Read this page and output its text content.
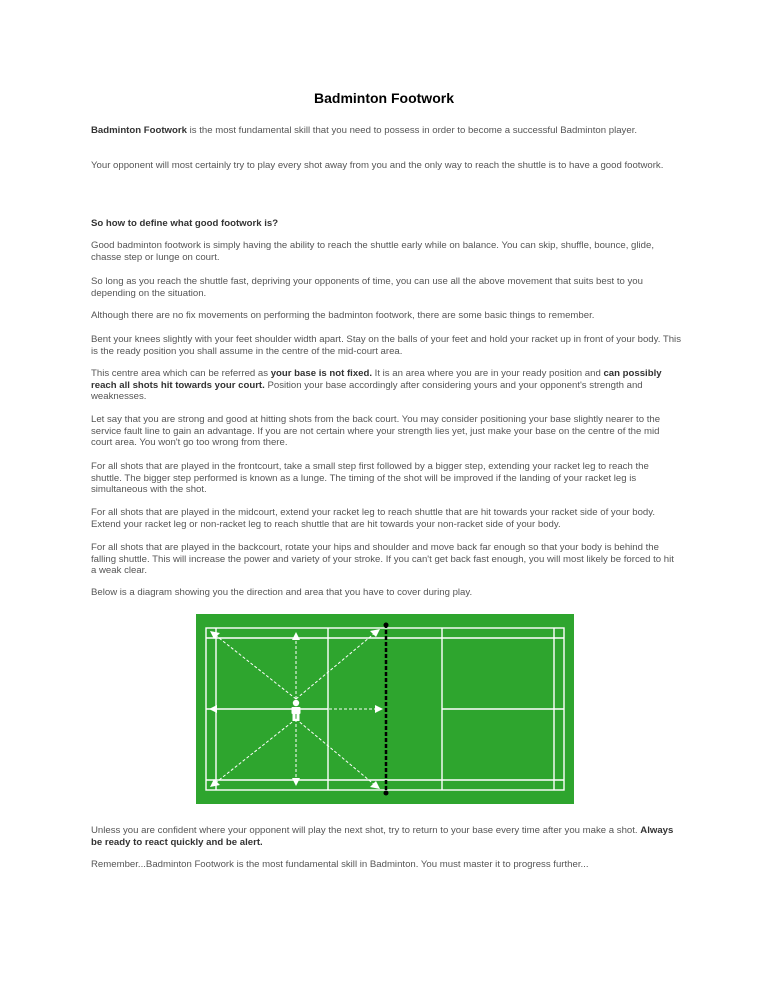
Badminton Footwork

Badminton Footwork is the most fundamental skill that you need to possess in order to become a successful Badminton player.

Your opponent will most certainly try to play every shot away from you and the only way to reach the shuttle is to have a good footwork.

So how to define what good footwork is?

Good badminton footwork is simply having the ability to reach the shuttle early while on balance. You can skip, shuffle, bounce, glide, chasse step or lunge on court.

So long as you reach the shuttle fast, depriving your opponents of time, you can use all the above movement that suits best to you depending on the situation.

Although there are no fix movements on performing the badminton footwork, there are some basic things to remember.

Bent your knees slightly with your feet shoulder width apart. Stay on the balls of your feet and hold your racket up in front of your body. This is the ready position you shall assume in the centre of the mid-court area.

This centre area which can be referred as your base is not fixed. It is an area where you are in your ready position and can possibly reach all shots hit towards your court. Position your base accordingly after considering yours and your opponent's strength and weaknesses.

Let say that you are strong and good at hitting shots from the back court. You may consider positioning your base slightly nearer to the service fault line to gain an advantage. If you are not certain where your strength lies yet, just make your base on the centre of the mid court area. You won't go too wrong from there.

For all shots that are played in the frontcourt, take a small step first followed by a bigger step, extending your racket leg to reach the shuttle. The bigger step performed is known as a lunge. The timing of the shot will be improved if the landing of your racket leg is simultaneous with the shot.

For all shots that are played in the midcourt, extend your racket leg to reach shuttle that are hit towards your racket side of your body. Extend your racket leg or non-racket leg to reach shuttle that are hit towards your non-racket side of your body.

For all shots that are played in the backcourt, rotate your hips and shoulder and move back far enough so that your body is behind the falling shuttle. This will increase the power and variety of your stroke. If you can't get back fast enough, you will most likely be forced to hit a weak clear.

Below is a diagram showing you the direction and area that you have to cover during play.

Unless you are confident where your opponent will play the next shot, try to return to your base every time after you make a shot. Always be ready to react quickly and be alert.

Remember...Badminton Footwork is the most fundamental skill in Badminton. You must master it to progress further...
